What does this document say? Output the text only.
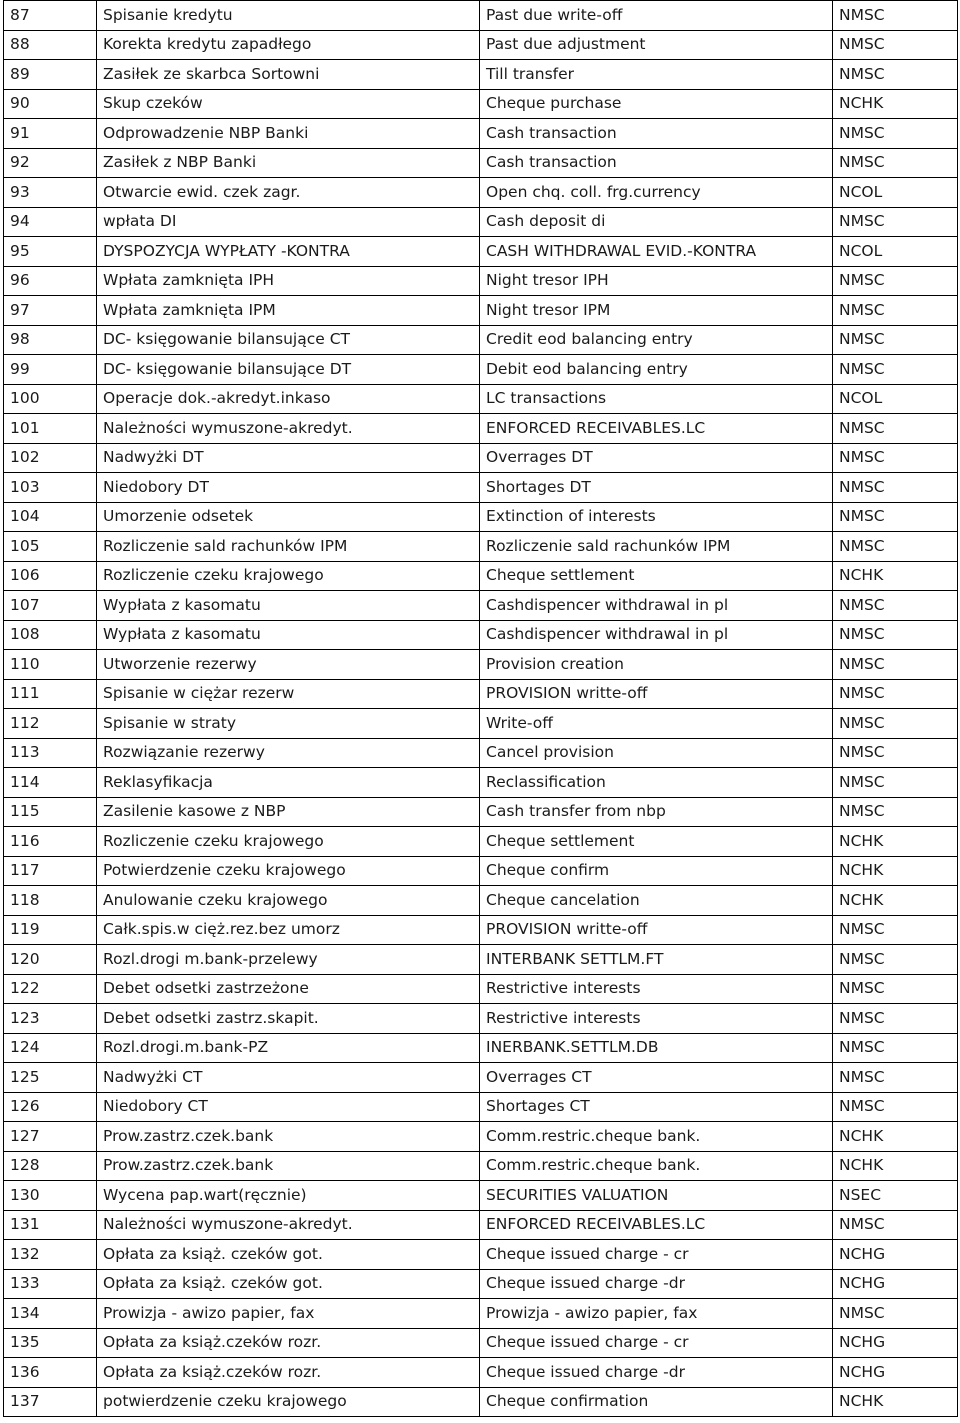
87	Spisanie kredytu	Past due write-off	NMSC
88	Korekta kredytu zapadłego	Past due adjustment	NMSC
89	Zasiłek ze skarbca Sortowni	Till transfer	NMSC
90	Skup czeków	Cheque purchase	NCHK
91	Odprowadzenie NBP Banki	Cash transaction	NMSC
92	Zasiłek z NBP Banki	Cash transaction	NMSC
93	Otwarcie ewid. czek zagr.	Open chq. coll. frg.currency	NCOL
94	wpłata DI	Cash deposit di	NMSC
95	DYSPOZYCJA WYPŁATY -KONTRA	CASH WITHDRAWAL EVID.-KONTRA	NCOL
96	Wpłata zamknięta IPH	Night tresor IPH	NMSC
97	Wpłata zamknięta IPM	Night tresor IPM	NMSC
98	DC- księgowanie bilansujące CT	Credit eod balancing entry	NMSC
99	DC- księgowanie bilansujące DT	Debit eod balancing entry	NMSC
100	Operacje dok.-akredyt.inkaso	LC transactions	NCOL
101	Należności wymuszone-akredyt.	ENFORCED RECEIVABLES.LC	NMSC
102	Nadwyżki DT	Overrages DT	NMSC
103	Niedobory DT	Shortages DT	NMSC
104	Umorzenie odsetek	Extinction of interests	NMSC
105	Rozliczenie sald rachunków IPM	Rozliczenie sald rachunków IPM	NMSC
106	Rozliczenie czeku krajowego	Cheque settlement	NCHK
107	Wypłata z kasomatu	Cashdispencer withdrawal in pl	NMSC
108	Wypłata z kasomatu	Cashdispencer withdrawal in pl	NMSC
110	Utworzenie rezerwy	Provision creation	NMSC
111	Spisanie w ciężar rezerw	PROVISION writte-off	NMSC
112	Spisanie w straty	Write-off	NMSC
113	Rozwiązanie rezerwy	Cancel provision	NMSC
114	Reklasyfikacja	Reclassification	NMSC
115	Zasilenie kasowe z NBP	Cash transfer from nbp	NMSC
116	Rozliczenie czeku krajowego	Cheque settlement	NCHK
117	Potwierdzenie czeku krajowego	Cheque confirm	NCHK
118	Anulowanie czeku krajowego	Cheque cancelation	NCHK
119	Całk.spis.w cięż.rez.bez umorz	PROVISION writte-off	NMSC
120	Rozl.drogi m.bank-przelewy	INTERBANK SETTLM.FT	NMSC
122	Debet odsetki zastrzeżone	Restrictive interests	NMSC
123	Debet odsetki zastrz.skapit.	Restrictive interests	NMSC
124	Rozl.drogi.m.bank-PZ	INERBANK.SETTLM.DB	NMSC
125	Nadwyżki CT	Overrages CT	NMSC
126	Niedobory CT	Shortages CT	NMSC
127	Prow.zastrz.czek.bank	Comm.restric.cheque bank.	NCHK
128	Prow.zastrz.czek.bank	Comm.restric.cheque bank.	NCHK
130	Wycena pap.wart(ręcznie)	SECURITIES VALUATION	NSEC
131	Należności wymuszone-akredyt.	ENFORCED RECEIVABLES.LC	NMSC
132	Opłata za książ. czeków got.	Cheque issued charge - cr	NCHG
133	Opłata za książ. czeków got.	Cheque issued charge -dr	NCHG
134	Prowizja - awizo papier, fax	Prowizja - awizo papier, fax	NMSC
135	Opłata za książ.czeków rozr.	Cheque issued charge - cr	NCHG
136	Opłata za książ.czeków rozr.	Cheque issued charge -dr	NCHG
137	potwierdzenie czeku krajowego	Cheque confirmation	NCHK
